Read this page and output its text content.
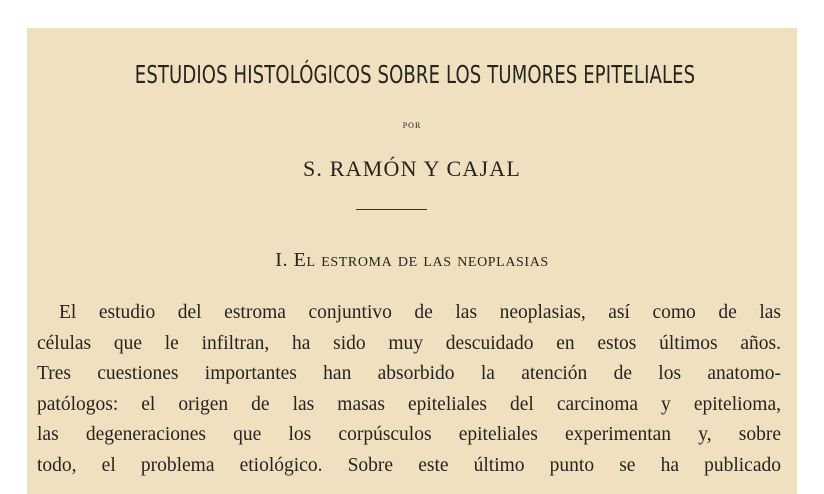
ESTUDIOS HISTOLÓGICOS SOBRE LOS TUMORES EPITELIALES
por
S. RAMÓN Y CAJAL
I. El estroma de las neoplasias
El estudio del estroma conjuntivo de las neoplasias, así como de las
células que le infiltran, ha sido muy descuidado en estos últimos años.
Tres cuestiones importantes han absorbido la atención de los anatomo-
patólogos: el origen de las masas epiteliales del carcinoma y epitelioma,
las degeneraciones que los corpúsculos epiteliales experimentan y, sobre
todo, el problema etiológico. Sobre este último punto se ha publicado
